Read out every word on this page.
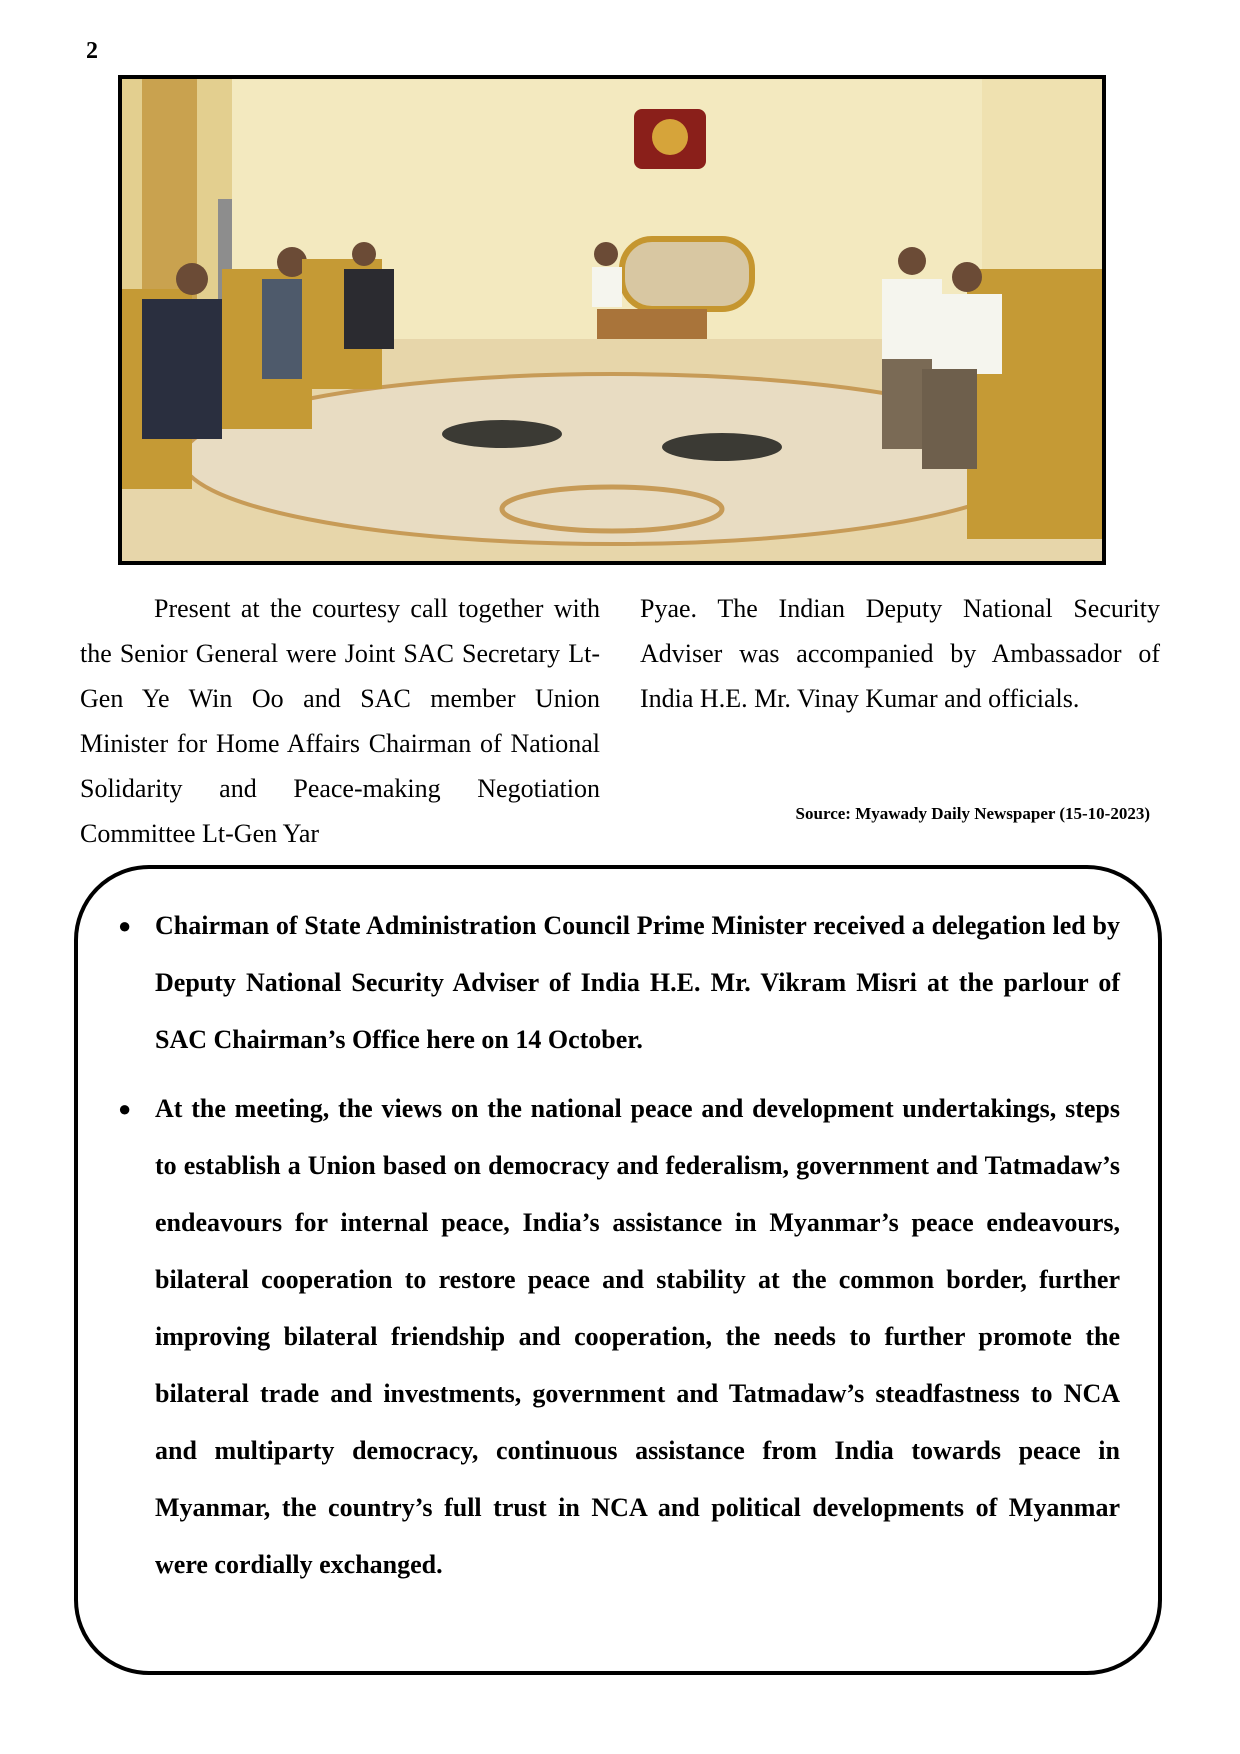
2

Present at the courtesy call together with the Senior General were Joint SAC Secretary Lt-Gen Ye Win Oo and SAC member Union Minister for Home Affairs Chairman of National Solidarity and Peace-making Negotiation Committee Lt-Gen Yar

Pyae. The Indian Deputy National Security Adviser was accompanied by Ambassador of India H.E. Mr. Vinay Kumar and officials.

Source: Myawady Daily Newspaper (15-10-2023)
● Chairman of State Administration Council Prime Minister received a delegation led by Deputy National Security Adviser of India H.E. Mr. Vikram Misri at the parlour of SAC Chairman’s Office here on 14 October.
● At the meeting, the views on the national peace and development undertakings, steps to establish a Union based on democracy and federalism, government and Tatmadaw’s endeavours for internal peace, India’s assistance in Myanmar’s peace endeavours, bilateral cooperation to restore peace and stability at the common border, further improving bilateral friendship and cooperation, the needs to further promote the bilateral trade and investments, government and Tatmadaw’s steadfastness to NCA and multiparty democracy, continuous assistance from India towards peace in Myanmar, the country’s full trust in NCA and political developments of Myanmar were cordially exchanged.
